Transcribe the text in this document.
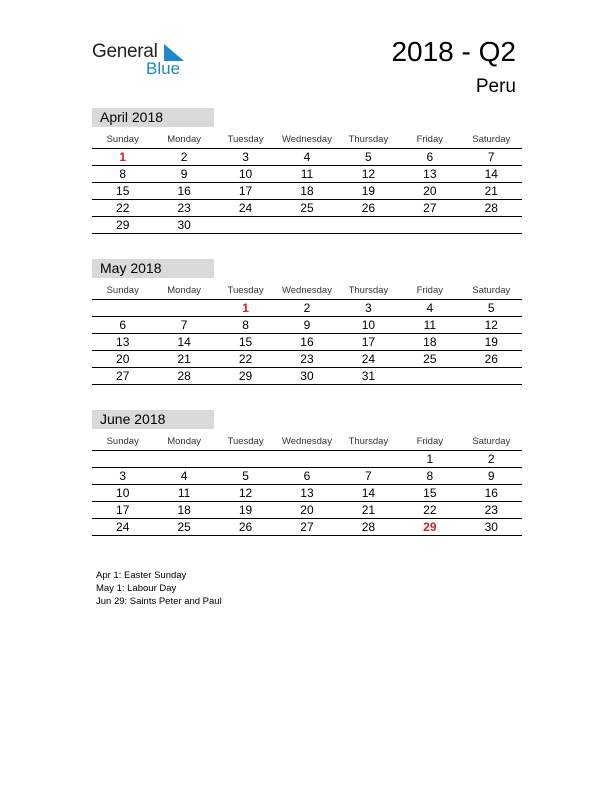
General
Blue
2018 - Q2
Peru
April 2018
Sunday	Monday	Tuesday	Wednesday	Thursday	Friday	Saturday
1	2	3	4	5	6	7
8	9	10	11	12	13	14
15	16	17	18	19	20	21
22	23	24	25	26	27	28
29	30					
May 2018
Sunday	Monday	Tuesday	Wednesday	Thursday	Friday	Saturday
		1	2	3	4	5
6	7	8	9	10	11	12
13	14	15	16	17	18	19
20	21	22	23	24	25	26
27	28	29	30	31		
June 2018
Sunday	Monday	Tuesday	Wednesday	Thursday	Friday	Saturday
					1	2
3	4	5	6	7	8	9
10	11	12	13	14	15	16
17	18	19	20	21	22	23
24	25	26	27	28	29	30
Apr 1: Easter Sunday
May 1: Labour Day
Jun 29: Saints Peter and Paul
